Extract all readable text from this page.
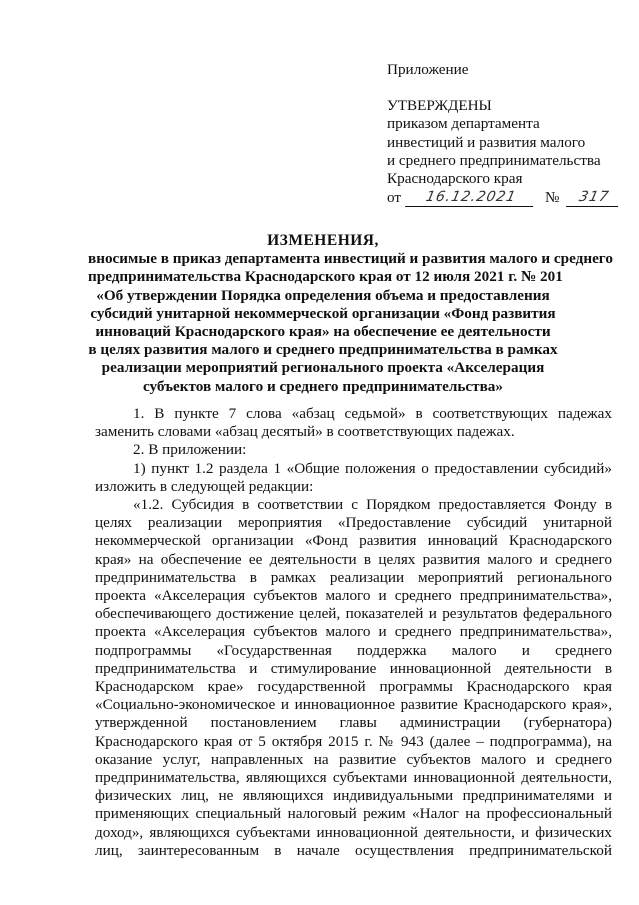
Приложение
УТВЕРЖДЕНЫ
приказом департамента
инвестиций и развития малого
и среднего предпринимательства
Краснодарского края
от	16.12.2021	№	317
ИЗМЕНЕНИЯ,
вносимые в приказ департамента инвестиций и развития малого и среднего
предпринимательства Краснодарского края от 12 июля 2021 г. № 201
«Об утверждении Порядка определения объема и предоставления
субсидий унитарной некоммерческой организации «Фонд развития
инноваций Краснодарского края» на обеспечение ее деятельности
в целях развития малого и среднего предпринимательства в рамках
реализации мероприятий регионального проекта «Акселерация
субъектов малого и среднего предпринимательства»

1. В пункте 7 слова «абзац седьмой» в соответствующих падежах заменить словами «абзац десятый» в соответствующих падежах.

2. В приложении:

1) пункт 1.2 раздела 1 «Общие положения о предоставлении субсидий» изложить в следующей редакции:

«1.2. Субсидия в соответствии с Порядком предоставляется Фонду в целях реализации мероприятия «Предоставление субсидий унитарной некоммерческой организации «Фонд развития инноваций Краснодарского края» на обеспечение ее деятельности в целях развития малого и среднего предпринимательства в рамках реализации мероприятий регионального проекта «Акселерация субъектов малого и среднего предпринимательства», обеспечивающего достижение целей, показателей и результатов федерального проекта «Акселерация субъектов малого и среднего предпринимательства», подпрограммы «Государственная поддержка малого и среднего предпринимательства и стимулирование инновационной деятельности в Краснодарском крае» государственной программы Краснодарского края «Социально-экономическое и инновационное развитие Краснодарского края», утвержденной постановлением главы администрации (губернатора) Краснодарского края от 5 октября 2015 г. № 943 (далее – подпрограмма), на оказание услуг, направленных на развитие субъектов малого и среднего предпринимательства, являющихся субъектами инновационной деятельности, физических лиц, не являющихся индивидуальными предпринимателями и применяющих специальный налоговый режим «Налог на профессиональный доход», являющихся субъектами инновационной деятельности, и физических лиц, заинтересованным в начале осуществления предпринимательской
